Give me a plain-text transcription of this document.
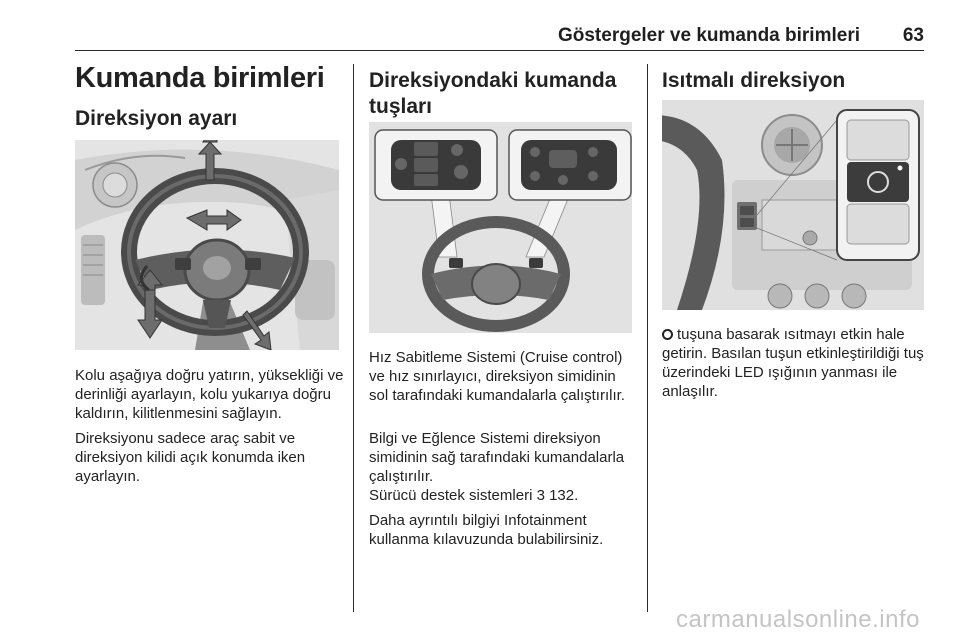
Göstergeler ve kumanda birimleri 63
Kumanda birimleri
Direksiyon ayarı

Kolu aşağıya doğru yatırın, yüksekliği ve derinliği ayarlayın, kolu yukarıya doğru kaldırın, kilitlenmesini sağlayın.

Direksiyonu sadece araç sabit ve direksiyon kilidi açık konumda iken ayarlayın.

Direksiyondaki kumanda tuşları

Hız Sabitleme Sistemi (Cruise control) ve hız sınırlayıcı, direksiyon simidinin sol tarafındaki kumandalarla çalıştırılır.

Bilgi ve Eğlence Sistemi direksiyon simidinin sağ tarafındaki kumandalarla çalıştırılır.

Sürücü destek sistemleri 3 132.

Daha ayrıntılı bilgiyi Infotainment kullanma kılavuzunda bulabilirsiniz.

Isıtmalı direksiyon

tuşuna basarak ısıtmayı etkin hale getirin. Basılan tuşun etkinleştirildiği tuş üzerindeki LED ışığının yanması ile anlaşılır.

carmanualsonline.info
